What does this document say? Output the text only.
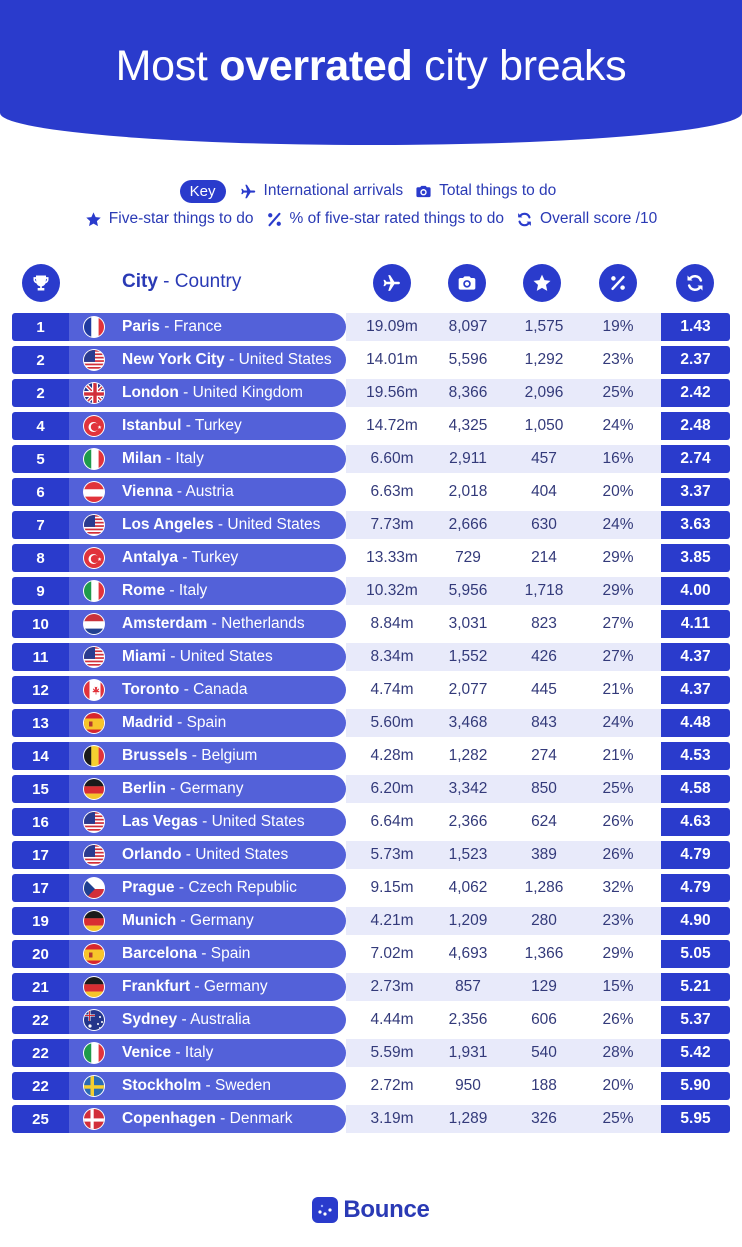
Most overrated city breaks
Key	International arrivals Total things to do
Five-star things to do % of five-star rated things to do Overall score /10
City - Country
1	Paris - France	19.09m	8,097	1,575	19%	1.43
2	New York City - United States	14.01m	5,596	1,292	23%	2.37
2	London - United Kingdom	19.56m	8,366	2,096	25%	2.42
4	Istanbul - Turkey	14.72m	4,325	1,050	24%	2.48
5	Milan - Italy	6.60m	2,911	457	16%	2.74
6	Vienna - Austria	6.63m	2,018	404	20%	3.37
7	Los Angeles - United States	7.73m	2,666	630	24%	3.63
8	Antalya - Turkey	13.33m	729	214	29%	3.85
9	Rome - Italy	10.32m	5,956	1,718	29%	4.00
10	Amsterdam - Netherlands	8.84m	3,031	823	27%	4.11
11	Miami - United States	8.34m	1,552	426	27%	4.37
12	Toronto - Canada	4.74m	2,077	445	21%	4.37
13	Madrid - Spain	5.60m	3,468	843	24%	4.48
14	Brussels - Belgium	4.28m	1,282	274	21%	4.53
15	Berlin - Germany	6.20m	3,342	850	25%	4.58
16	Las Vegas - United States	6.64m	2,366	624	26%	4.63
17	Orlando - United States	5.73m	1,523	389	26%	4.79
17	Prague - Czech Republic	9.15m	4,062	1,286	32%	4.79
19	Munich - Germany	4.21m	1,209	280	23%	4.90
20	Barcelona - Spain	7.02m	4,693	1,366	29%	5.05
21	Frankfurt - Germany	2.73m	857	129	15%	5.21
22	Sydney - Australia	4.44m	2,356	606	26%	5.37
22	Venice - Italy	5.59m	1,931	540	28%	5.42
22	Stockholm - Sweden	2.72m	950	188	20%	5.90
25	Copenhagen - Denmark	3.19m	1,289	326	25%	5.95
Bounce
